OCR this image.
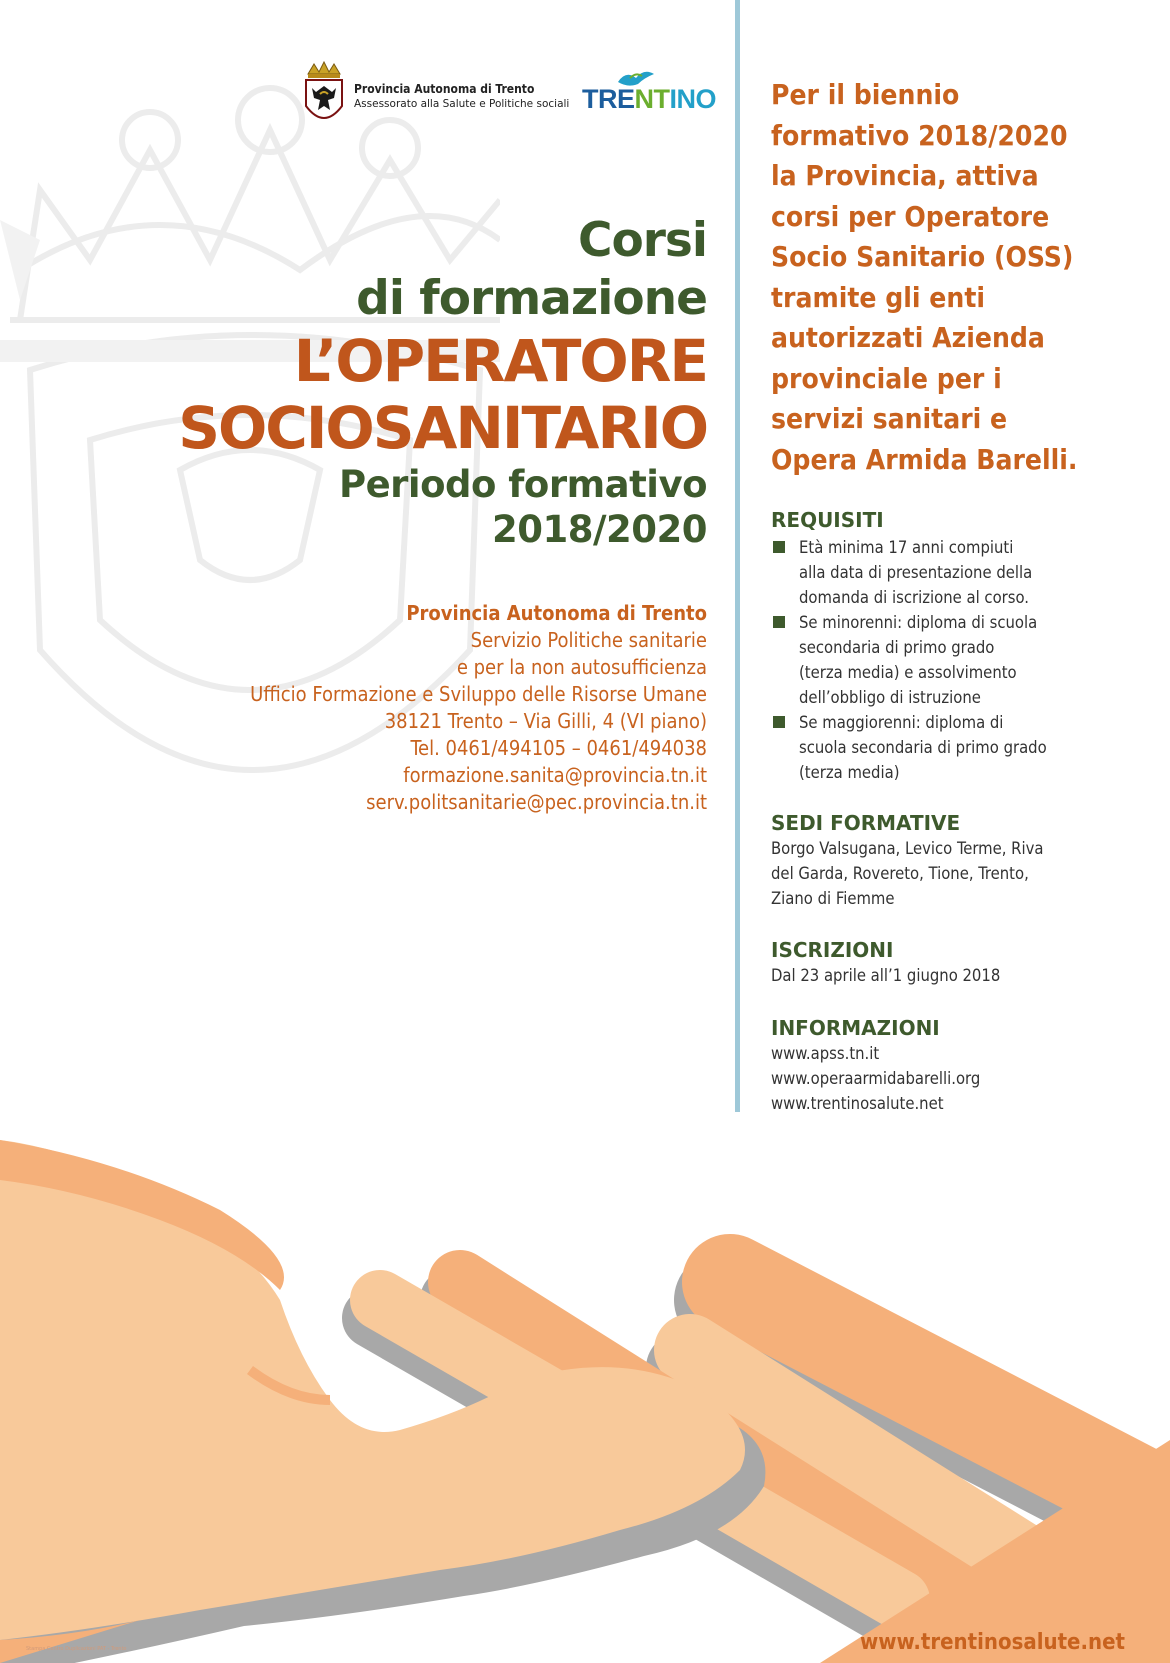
Provincia Autonoma di Trento
Assessorato alla Salute e Politiche sociali TRENTINO
Corsi
di formazione
L’OPERATORE
SOCIOSANITARIO
Periodo formativo
2018/2020
Provincia Autonoma di Trento
Servizio Politiche sanitarie
e per la non autosufficienza
Ufficio Formazione e Sviluppo delle Risorse Umane
38121 Trento – Via Gilli, 4 (VI piano)
Tel. 0461/494105 – 0461/494038
formazione.sanita@provincia.tn.it
serv.politsanitarie@pec.provincia.tn.it
Per il biennio
formativo 2018/2020
la Provincia, attiva
corsi per Operatore
Socio Sanitario (OSS)
tramite gli enti
autorizzati Azienda
provinciale per i
servizi sanitari e
Opera Armida Barelli.
REQUISITI
Età minima 17 anni compiuti
alla data di presentazione della
domanda di iscrizione al corso.
Se minorenni: diploma di scuola
secondaria di primo grado
(terza media) e assolvimento
dell’obbligo di istruzione
Se maggiorenni: diploma di
scuola secondaria di primo grado
(terza media)
SEDI FORMATIVE
Borgo Valsugana, Levico Terme, Riva
del Garda, Rovereto, Tione, Trento,
Ziano di Fiemme
ISCRIZIONI
Dal 23 aprile all’1 giugno 2018
INFORMAZIONI
www.apss.tn.it
www.operaarmidabarelli.org
www.trentinosalute.net
www.trentinosalute.net
Stampa Centro Duplicazioni PAT - Trento
